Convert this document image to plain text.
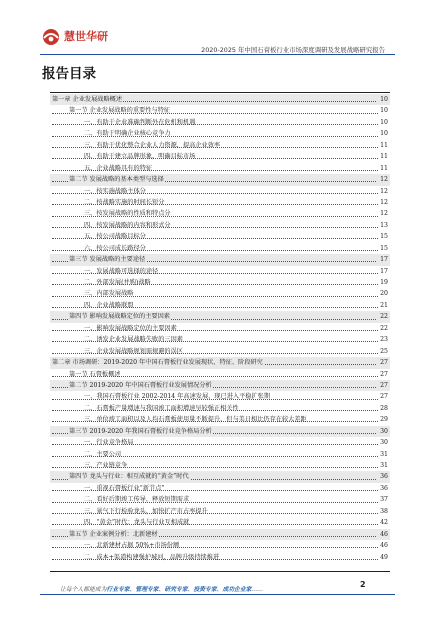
慧世华研
2020-2025 年中国石膏板行业市场深度调研及发展战略研究报告
报告目录
第一章 企业发展战略概述	10
第一节 企业发展战略的重要性与特征	10
一、有助于企业准确判断外在危机和机遇	10
二、有助于明确企业核心竞争力	10
三、有助于优化整合企业人力资源，提高企业效率	11
四、有助于建立品牌形象，明确目标市场	11
五、企业战略具有的特征	11
第二节 发展战略的基本类型与选择	12
一、按实施战略主体分	12
二、按战略实施的时间长短分	12
三、按发展战略的性质和特点分	12
四、按发展战略的内容和形式分	13
五、按公司战略目标分	15
六、按公司成长路径分	15
第三节 发展战略的主要途径	17
一、发展战略可选择的途径	17
二、外部发展(并购)战略	19
三、内部发展战略	20
四、企业战略联盟	21
第四节 影响发展战略定位的主要因素	22
一、影响发展战略定位的主要因素	22
二、诱发企业发展战略失败的三因素	23
三、企业发展战略规划需规避的误区	25
第二章 市场调研：2019-2020 年中国石膏板行业发展现状、特征、阶段研究	27
第一节 石膏板概述	27
第二节 2019-2020 年中国石膏板行业发展情况分析	27
一、我国石膏板行业 2002-2014 年高速发展，现已进入平稳扩张期	27
二、石膏板产量增速与我国竣工面积增速呈较强正相关性	28
三、单位竣工面积以及人均石膏板使用量不断提升，但与美日相比仍存在较大差距	29
第三节 2019-2020 年我国石膏板行业竞争格局分析	30
一、行业竞争格局	30
二、主要公司	31
三、产业链竞争	31
第四节 龙头与行业：相互成就的“黄金”时代	36
一、重视石膏板行业“新节点”	36
二、看好后期竣工传导，释放短期需求	37
三、景气下行检验龙头，加快扩产市占率提升	38
四、“黄金”时代：龙头与行业互相成就	42
第五节 企业案例分析：北新建材	46
一、北新建材占据 50%+市场份额	46
二、成本+渠道构建强护城河，品牌升级持续推进	49
让每个人都能成为行业专家、管理专家、研究专家、投资专家、成功企业家……
2
